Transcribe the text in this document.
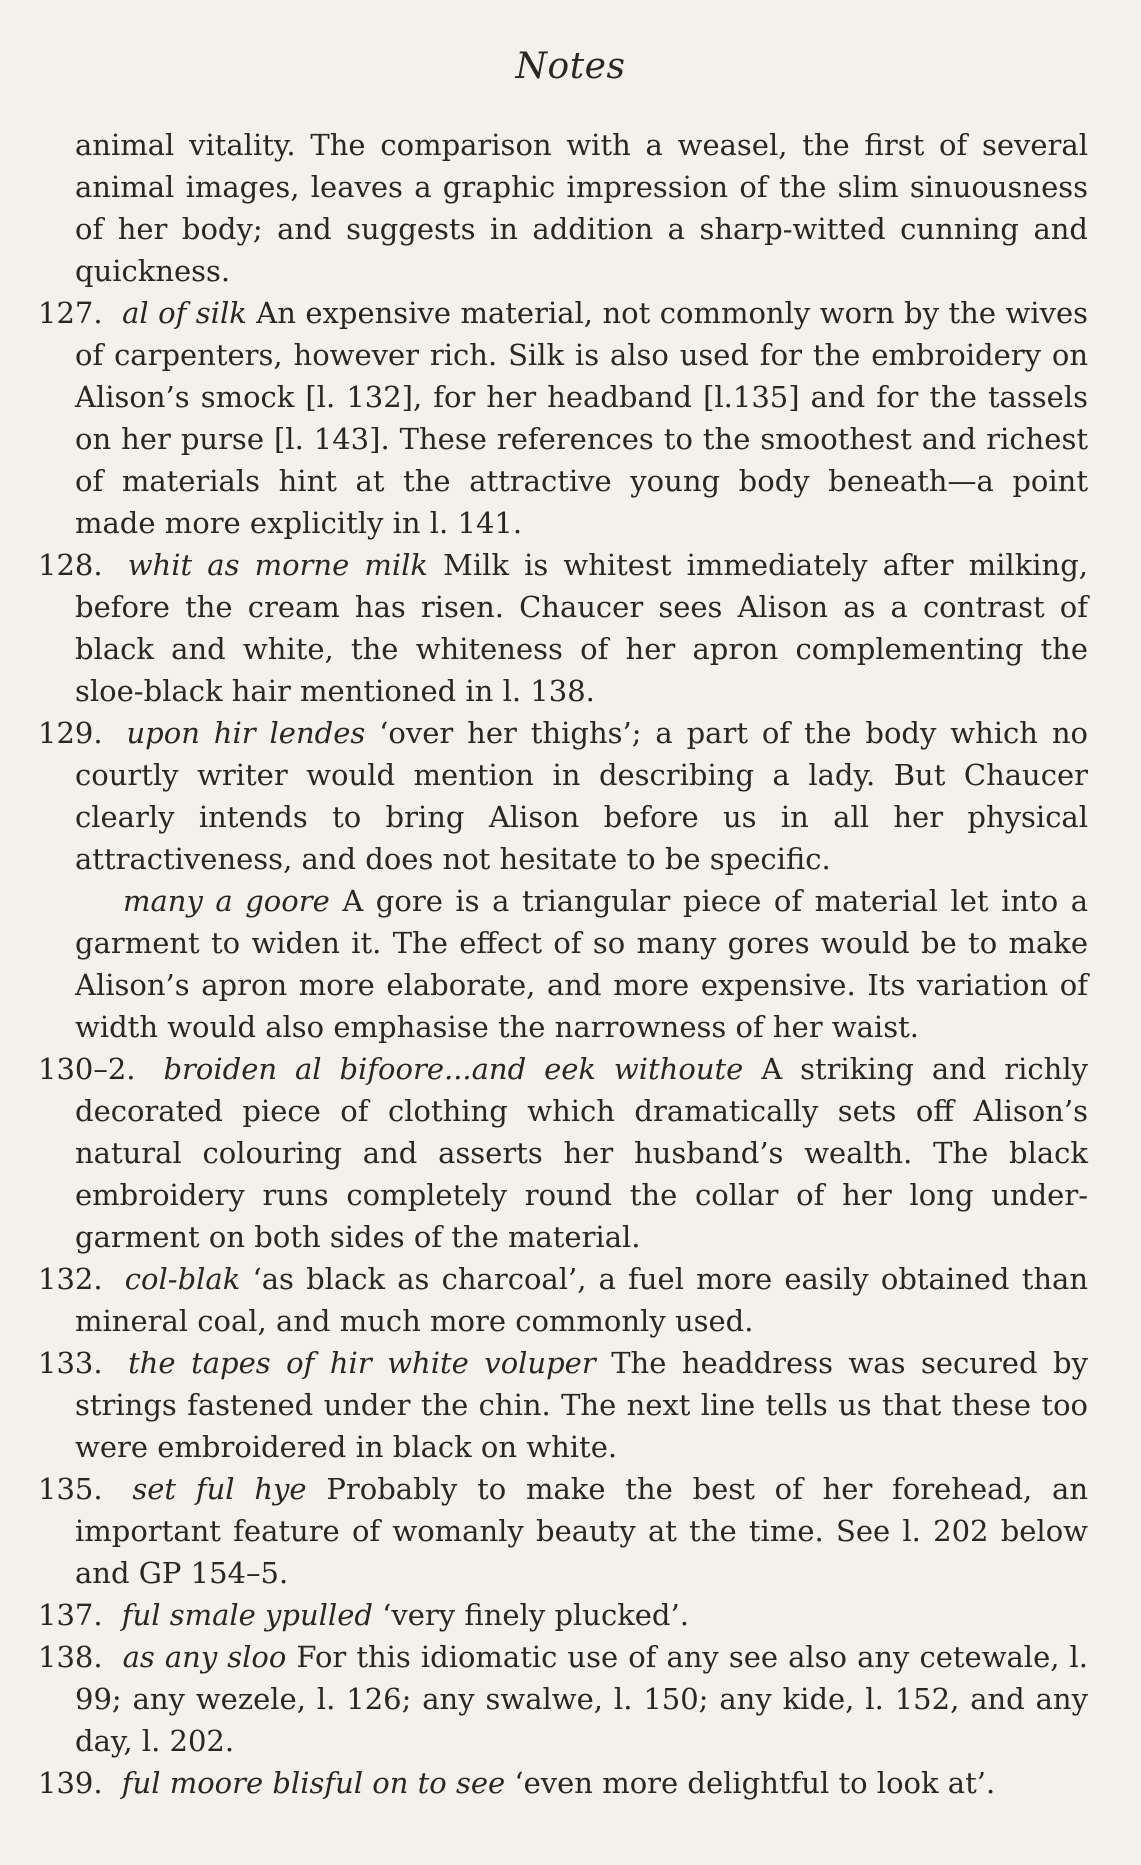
Notes
animal vitality. The comparison with a weasel, the first of several animal images, leaves a graphic impression of the slim sinuousness of her body; and suggests in addition a sharp-witted cunning and quickness.
127. al of silk An expensive material, not commonly worn by the wives of carpenters, however rich. Silk is also used for the embroidery on Alison’s smock [l. 132], for her headband [l.135] and for the tassels on her purse [l. 143]. These references to the smoothest and richest of materials hint at the attractive young body beneath—a point made more explicitly in l. 141.
128. whit as morne milk Milk is whitest immediately after milking, before the cream has risen. Chaucer sees Alison as a contrast of black and white, the whiteness of her apron complementing the sloe-black hair mentioned in l. 138.
129. upon hir lendes ‘over her thighs’; a part of the body which no courtly writer would mention in describing a lady. But Chaucer clearly intends to bring Alison before us in all her physical attractiveness, and does not hesitate to be specific.
many a goore A gore is a triangular piece of material let into a garment to widen it. The effect of so many gores would be to make Alison’s apron more elaborate, and more expensive. Its variation of width would also emphasise the narrowness of her waist.
130–2. broiden al bifoore...and eek withoute A striking and richly decorated piece of clothing which dramatically sets off Alison’s natural colouring and asserts her husband’s wealth. The black embroidery runs completely round the collar of her long under-garment on both sides of the material.
132. col-blak ‘as black as charcoal’, a fuel more easily obtained than mineral coal, and much more commonly used.
133. the tapes of hir white voluper The headdress was secured by strings fastened under the chin. The next line tells us that these too were embroidered in black on white.
135. set ful hye Probably to make the best of her forehead, an important feature of womanly beauty at the time. See l. 202 below and GP 154–5.
137. ful smale ypulled ‘very finely plucked’.
138. as any sloo For this idiomatic use of any see also any cetewale, l. 99; any wezele, l. 126; any swalwe, l. 150; any kide, l. 152, and any day, l. 202.
139. ful moore blisful on to see ‘even more delightful to look at’.
